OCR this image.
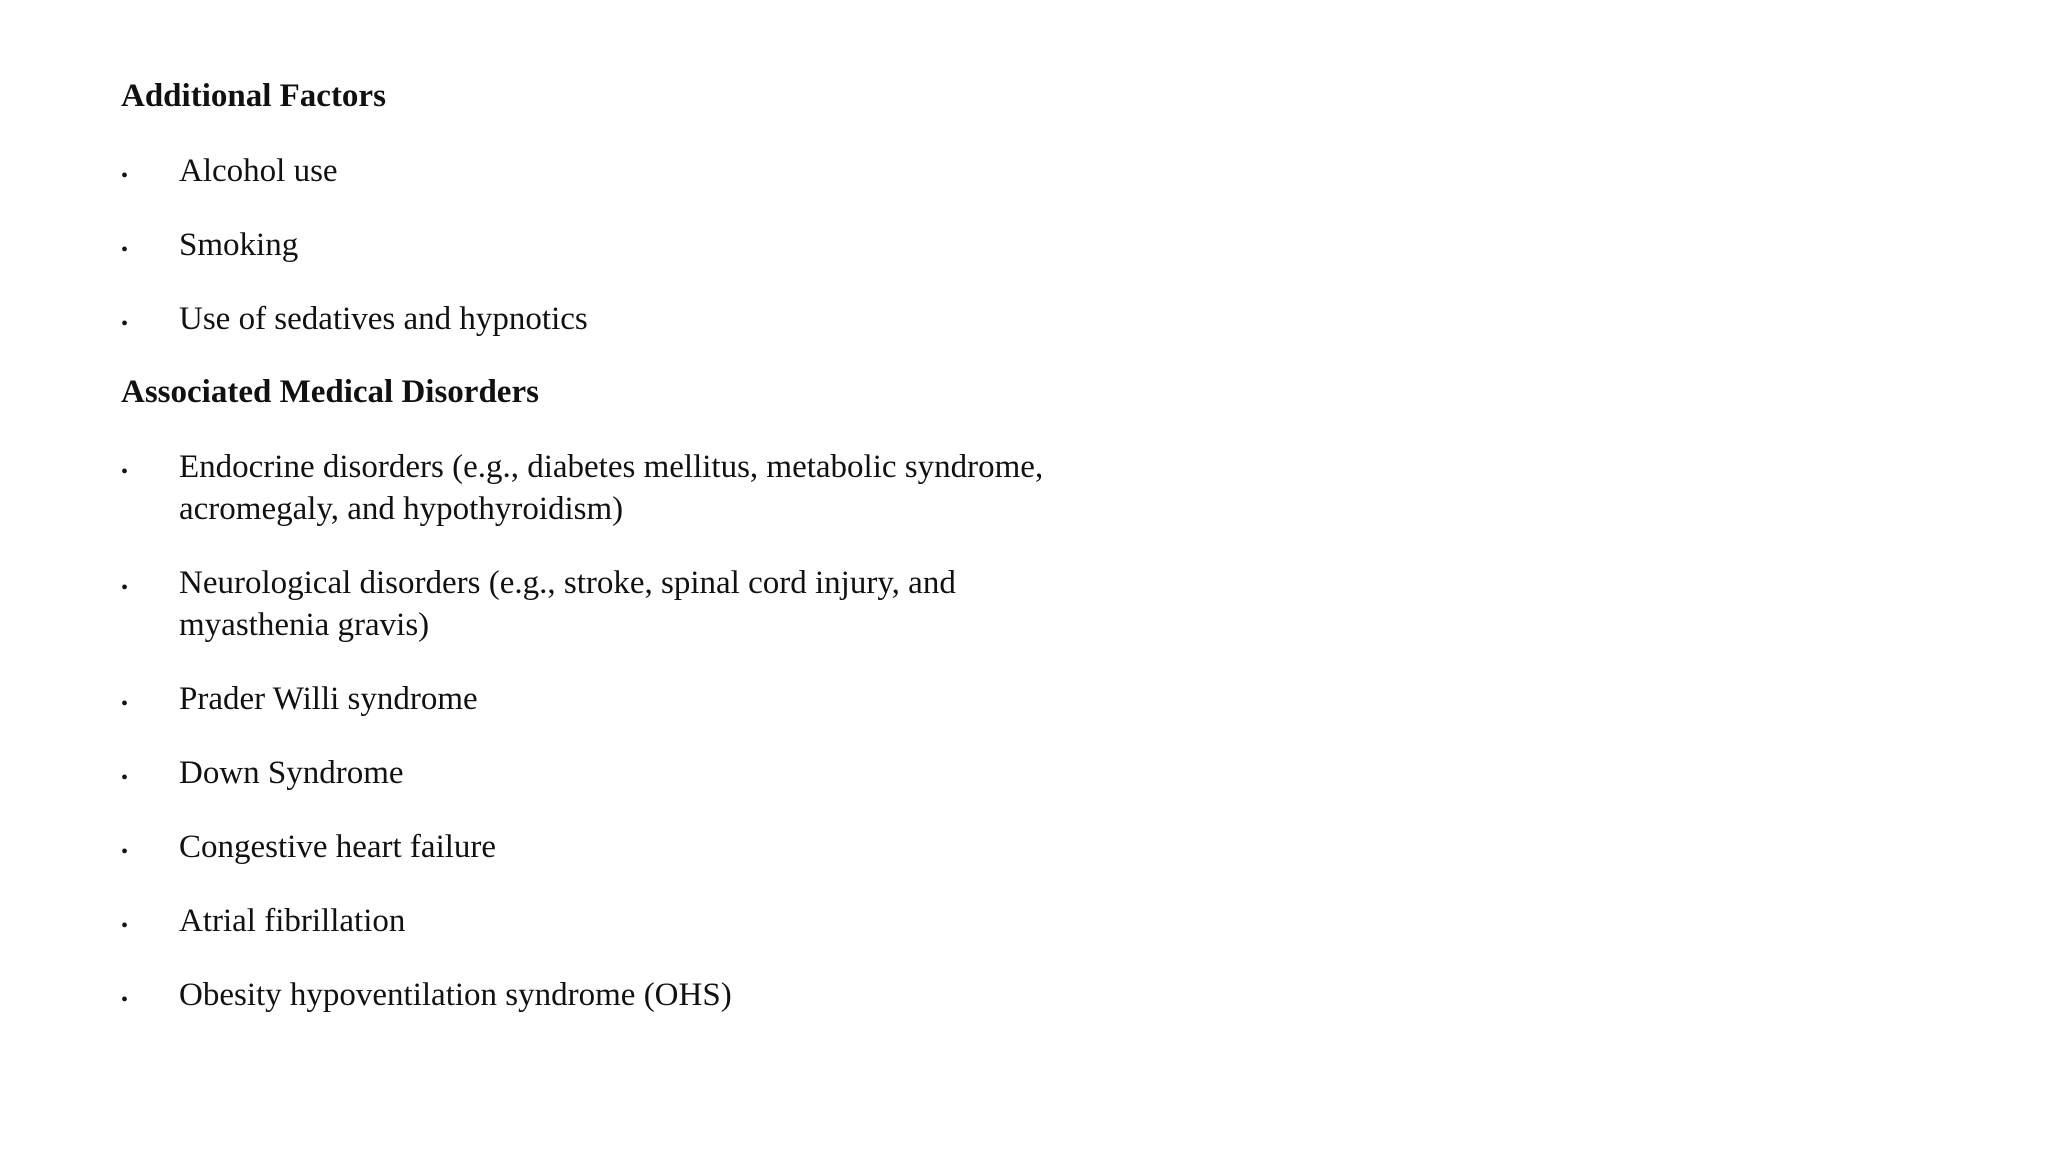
Additional Factors
•	Alcohol use
•	Smoking
•	Use of sedatives and hypnotics
Associated Medical Disorders
•	Endocrine disorders (e.g., diabetes mellitus, metabolic syndrome, acromegaly, and hypothyroidism)
•	Neurological disorders (e.g., stroke, spinal cord injury, and myasthenia gravis)
•	Prader Willi syndrome
•	Down Syndrome
•	Congestive heart failure
•	Atrial fibrillation
•	Obesity hypoventilation syndrome (OHS)
